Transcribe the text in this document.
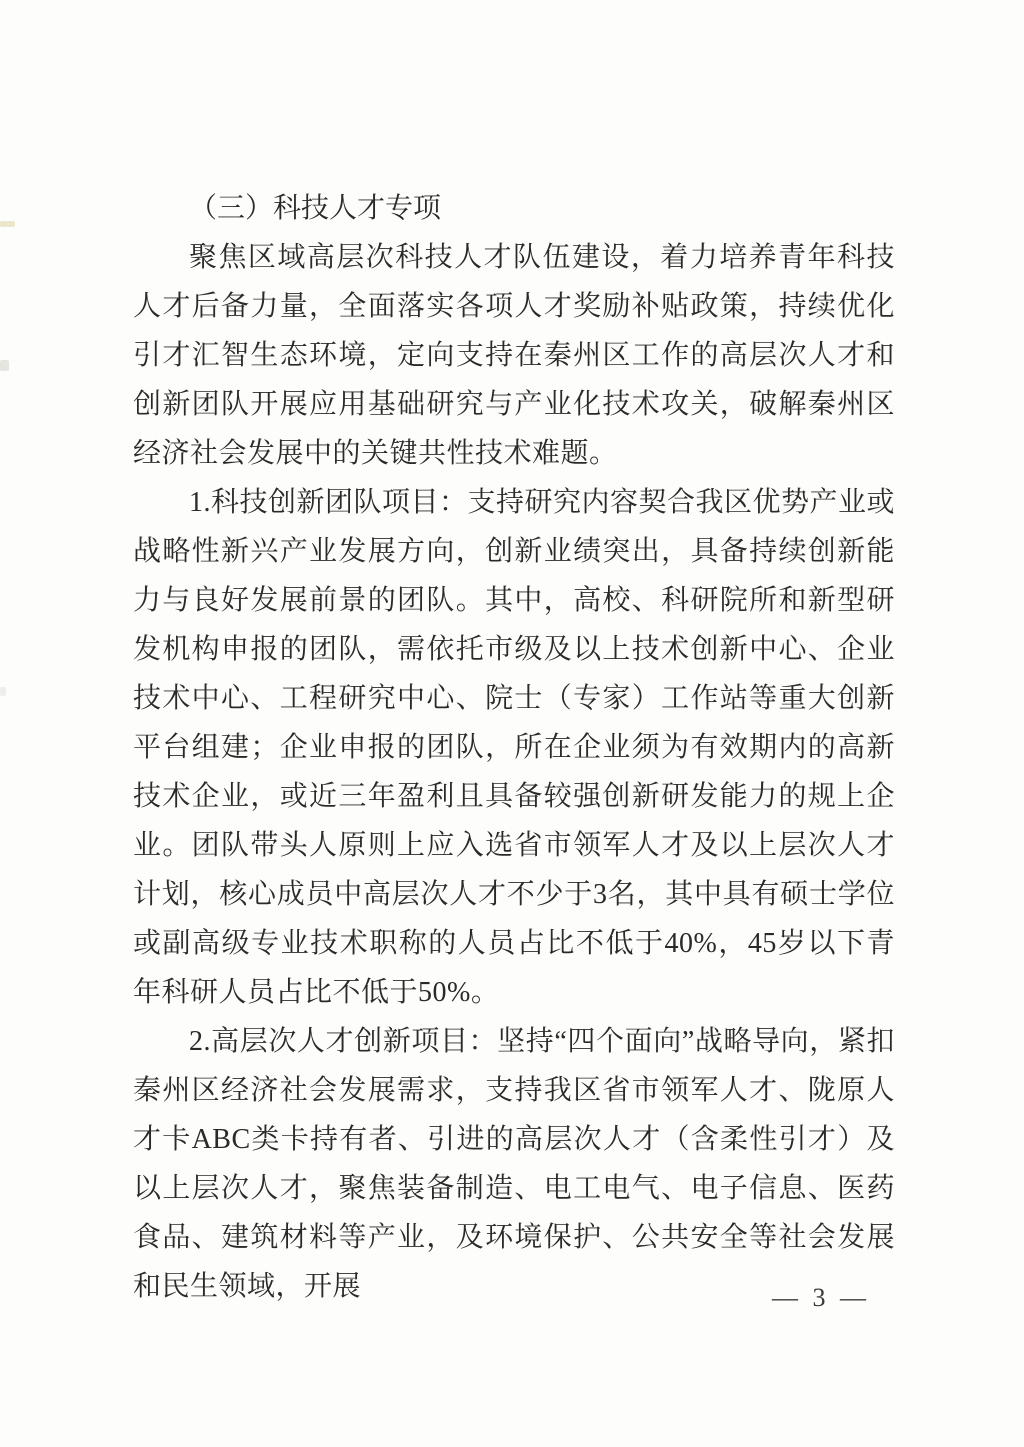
（三）科技人才专项

聚焦区域高层次科技人才队伍建设，着力培养青年科技人才后备力量，全面落实各项人才奖励补贴政策，持续优化引才汇智生态环境，定向支持在秦州区工作的高层次人才和创新团队开展应用基础研究与产业化技术攻关，破解秦州区经济社会发展中的关键共性技术难题。

1.科技创新团队项目：支持研究内容契合我区优势产业或战略性新兴产业发展方向，创新业绩突出，具备持续创新能力与良好发展前景的团队。其中，高校、科研院所和新型研发机构申报的团队，需依托市级及以上技术创新中心、企业技术中心、工程研究中心、院士（专家）工作站等重大创新平台组建；企业申报的团队，所在企业须为有效期内的高新技术企业，或近三年盈利且具备较强创新研发能力的规上企业。团队带头人原则上应入选省市领军人才及以上层次人才计划，核心成员中高层次人才不少于3名，其中具有硕士学位或副高级专业技术职称的人员占比不低于40%，45岁以下青年科研人员占比不低于50%。

2.高层次人才创新项目：坚持“四个面向”战略导向，紧扣秦州区经济社会发展需求，支持我区省市领军人才、陇原人才卡ABC类卡持有者、引进的高层次人才（含柔性引才）及以上层次人才，聚焦装备制造、电工电气、电子信息、医药食品、建筑材料等产业，及环境保护、公共安全等社会发展和民生领域，开展	— 3 —
